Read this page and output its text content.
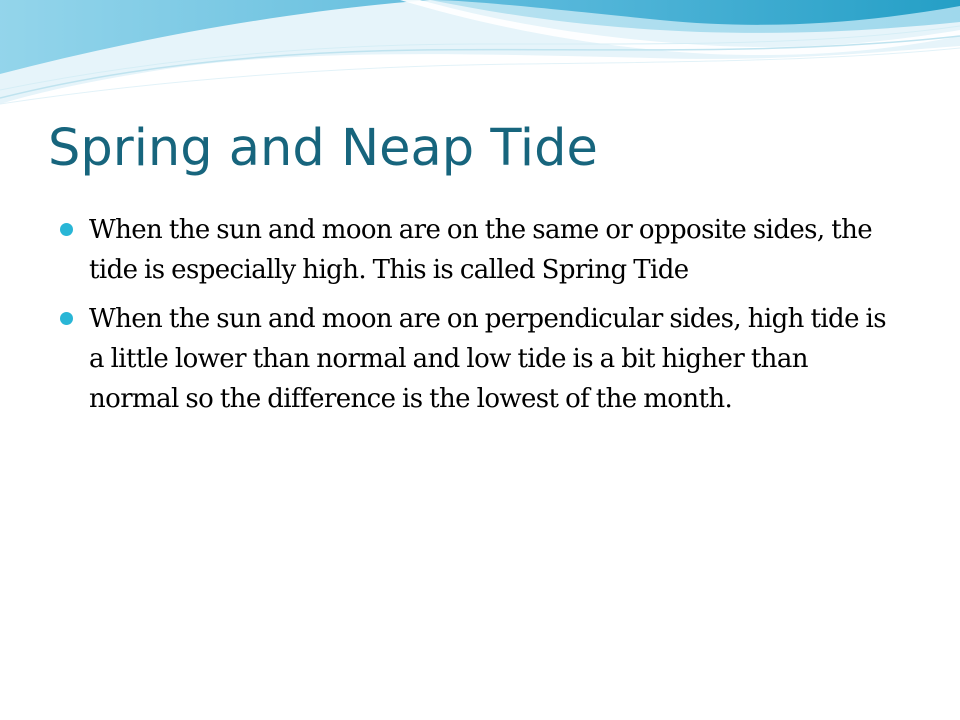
Spring and Neap Tide
When the sun and moon are on the same or opposite sides, the tide is especially high. This is called Spring Tide
When the sun and moon are on perpendicular sides, high tide is a little lower than normal and low tide is a bit higher than normal so the difference is the lowest of the month.
